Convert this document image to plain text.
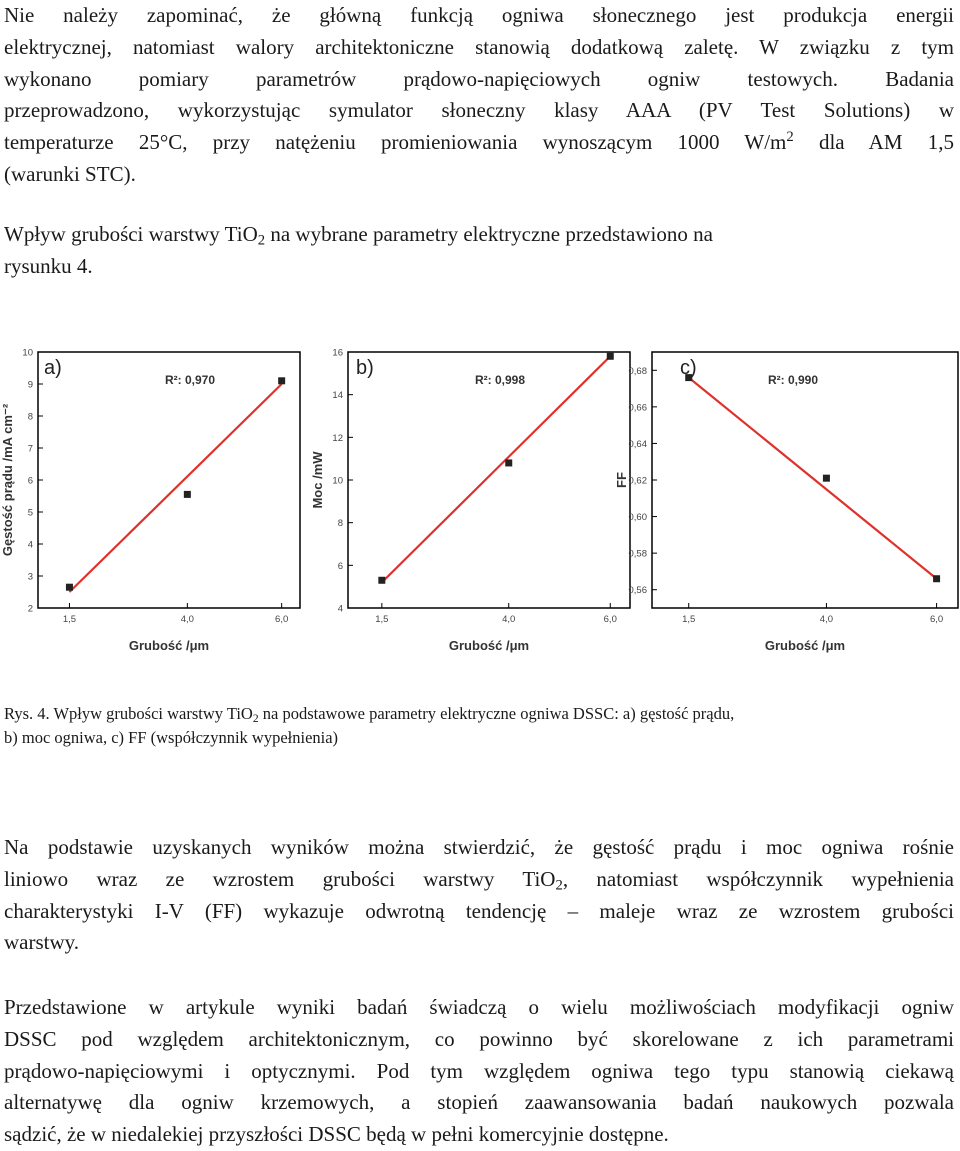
Nie należy zapominać, że główną funkcją ogniwa słonecznego jest produkcja energii
elektrycznej, natomiast walory architektoniczne stanowią dodatkową zaletę. W związku z tym
wykonano pomiary parametrów prądowo-napięciowych ogniw testowych. Badania
przeprowadzono, wykorzystując symulator słoneczny klasy AAA (PV Test Solutions) w
temperaturze 25°C, przy natężeniu promieniowania wynoszącym 1000 $W/m^2$ dla AM 1,5
(warunki STC).
Wpływ grubości warstwy TiO$_2$ na wybrane parametry elektryczne przedstawiono na
rysunku 4.
2
3
4
5
6
7
8
9
10
1,5	4,0	6,0
a)
R²: 0,970
Grubość /μm
Gęstość prądu /mA cm⁻²
4
6
8
10
12
14
16
1,5	4,0	6,0
b)
R²: 0,998
Grubość /μm
Moc /mW
0,56
0,58
0,60
0,62
0,64
0,66
0,68
1,5	4,0	6,0
c)
R²: 0,990
Grubość /μm
FF
Rys. 4. Wpływ grubości warstwy TiO$_2$ na podstawowe parametry elektryczne ogniwa DSSC: a) gęstość prądu,
b) moc ogniwa, c) FF (współczynnik wypełnienia)
Na podstawie uzyskanych wyników można stwierdzić, że gęstość prądu i moc ogniwa rośnie
liniowo wraz ze wzrostem grubości warstwy TiO$_2$, natomiast współczynnik wypełnienia
charakterystyki I-V (FF) wykazuje odwrotną tendencję – maleje wraz ze wzrostem grubości
warstwy.
Przedstawione w artykule wyniki badań świadczą o wielu możliwościach modyfikacji ogniw
DSSC pod względem architektonicznym, co powinno być skorelowane z ich parametrami
prądowo-napięciowymi i optycznymi. Pod tym względem ogniwa tego typu stanowią ciekawą
alternatywę dla ogniw krzemowych, a stopień zaawansowania badań naukowych pozwala
sądzić, że w niedalekiej przyszłości DSSC będą w pełni komercyjnie dostępne.
